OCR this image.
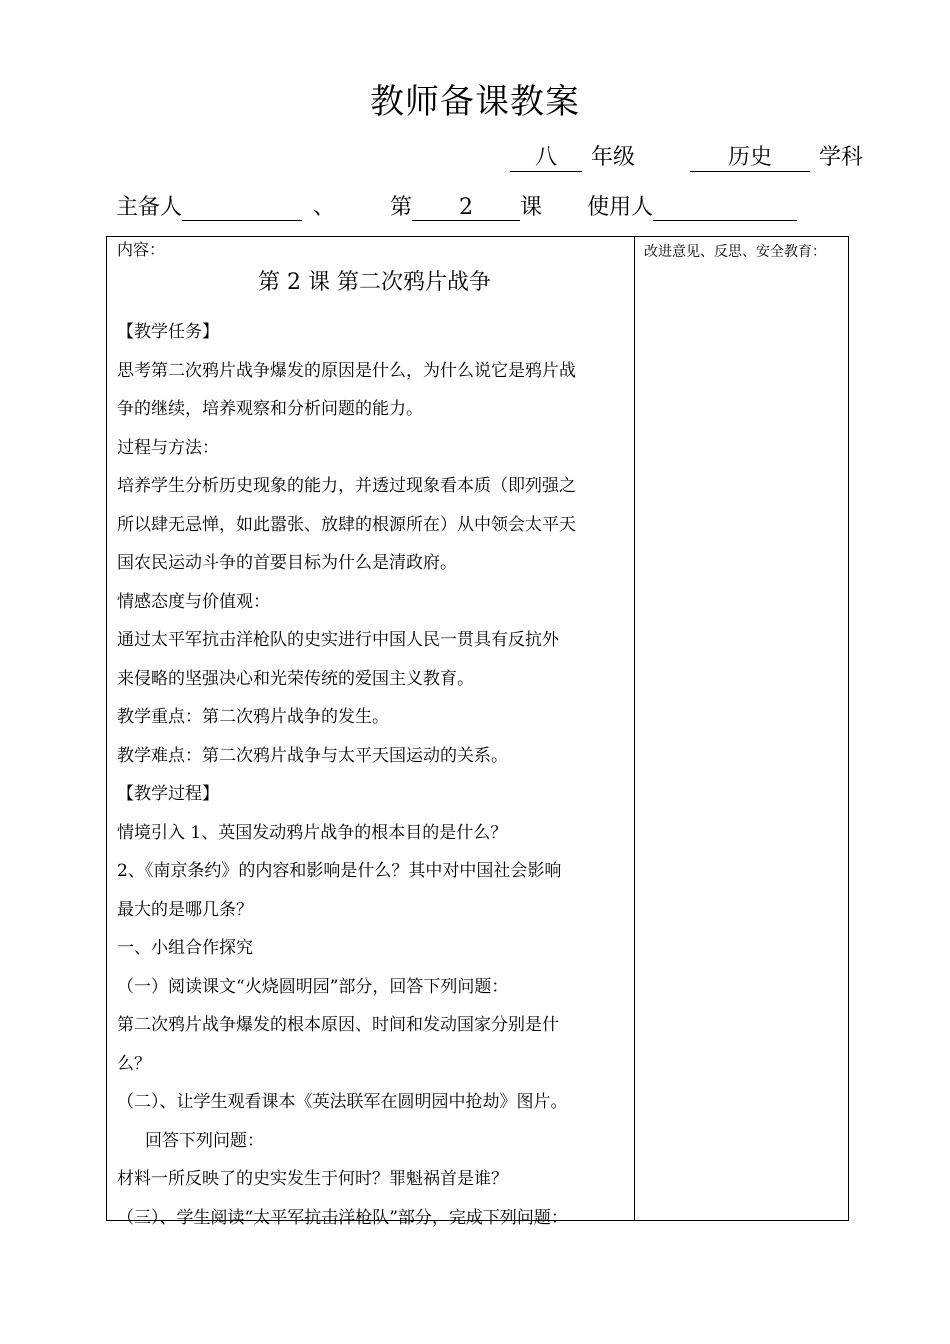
教师备课教案
八 年级	历史 学科
主备人	、	第 2 课 使用人
内容：
第 2 课 第二次鸦片战争

【教学任务】

思考第二次鸦片战争爆发的原因是什么，为什么说它是鸦片战

争的继续，培养观察和分析问题的能力。

过程与方法：

培养学生分析历史现象的能力，并透过现象看本质（即列强之

所以肆无忌惮，如此嚣张、放肆的根源所在）从中领会太平天

国农民运动斗争的首要目标为什么是清政府。

情感态度与价值观：

通过太平军抗击洋枪队的史实进行中国人民一贯具有反抗外

来侵略的坚强决心和光荣传统的爱国主义教育。

教学重点：第二次鸦片战争的发生。

教学难点：第二次鸦片战争与太平天国运动的关系。

【教学过程】

情境引入 1、英国发动鸦片战争的根本目的是什么？

2、《南京条约》的内容和影响是什么？其中对中国社会影响

最大的是哪几条？

一、小组合作探究

（一）阅读课文“火烧圆明园”部分，回答下列问题：

第二次鸦片战争爆发的根本原因、时间和发动国家分别是什

么？

（二）、让学生观看课本《英法联军在圆明园中抢劫》图片。

回答下列问题：

材料一所反映了的史实发生于何时？罪魁祸首是谁？

（三）、学生阅读“太平军抗击洋枪队”部分，完成下列问题：

改进意见、反思、安全教育：
